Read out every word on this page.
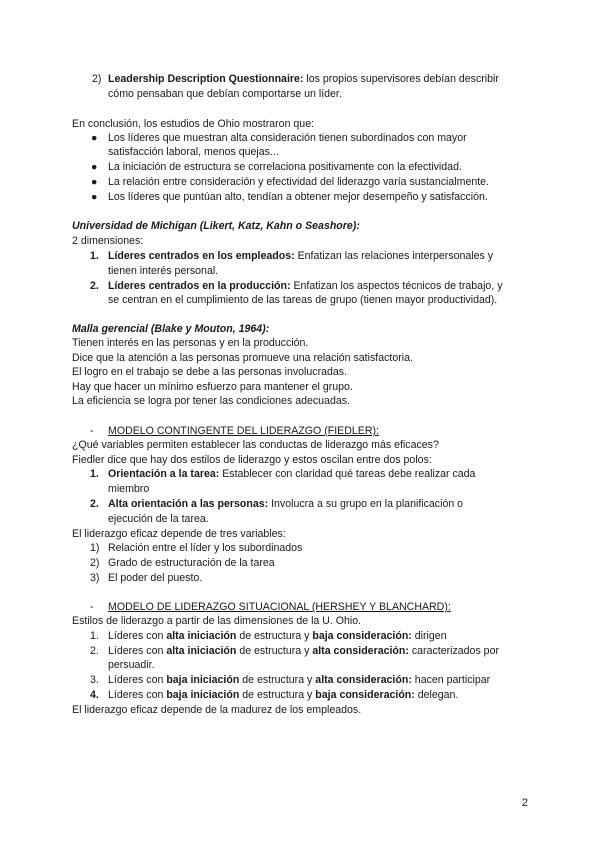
2) Leadership Description Questionnaire: los propios supervisores debían describir
cómo pensaban que debían comportarse un líder.
En conclusión, los estudios de Ohio mostraron que:
● Los líderes que muestran alta consideración tienen subordinados con mayor
satisfacción laboral, menos quejas...
● La iniciación de estructura se correlaciona positivamente con la efectividad.
● La relación entre consideración y efectividad del liderazgo varía sustancialmente.
● Los líderes que puntúan alto, tendían a obtener mejor desempeño y satisfacción.
Universidad de Michigan (Likert, Katz, Kahn o Seashore):
2 dimensiones:
1. Líderes centrados en los empleados: Enfatizan las relaciones interpersonales y
tienen interés personal.
2. Líderes centrados en la producción: Enfatizan los aspectos técnicos de trabajo, y
se centran en el cumplimiento de las tareas de grupo (tienen mayor productividad).
Malla gerencial (Blake y Mouton, 1964):
Tienen interés en las personas y en la producción.
Dice que la atención a las personas promueve una relación satisfactoria.
El logro en el trabajo se debe a las personas involucradas.
Hay que hacer un mínimo esfuerzo para mantener el grupo.
La eficiencia se logra por tener las condiciones adecuadas.
- MODELO CONTINGENTE DEL LIDERAZGO (FIEDLER):
¿Qué variables permiten establecer las conductas de liderazgo más eficaces?
Fiedler dice que hay dos estilos de liderazgo y estos oscilan entre dos polos:
1. Orientación a la tarea: Establecer con claridad qué tareas debe realizar cada
miembro
2. Alta orientación a las personas: Involucra a su grupo en la planificación o
ejecución de la tarea.
El liderazgo eficaz depende de tres variables:
1) Relación entre el líder y los subordinados
2) Grado de estructuración de la tarea
3) El poder del puesto.
- MODELO DE LIDERAZGO SITUACIONAL (HERSHEY Y BLANCHARD):
Estilos de liderazgo a partir de las dimensiones de la U. Ohio.
1. Líderes con alta iniciación de estructura y baja consideración: dirigen
2. Líderes con alta iniciación de estructura y alta consideración: caracterizados por
persuadir.
3. Líderes con baja iniciación de estructura y alta consideración: hacen participar
4. Líderes con baja iniciación de estructura y baja consideración: delegan.
El liderazgo eficaz depende de la madurez de los empleados.
2
